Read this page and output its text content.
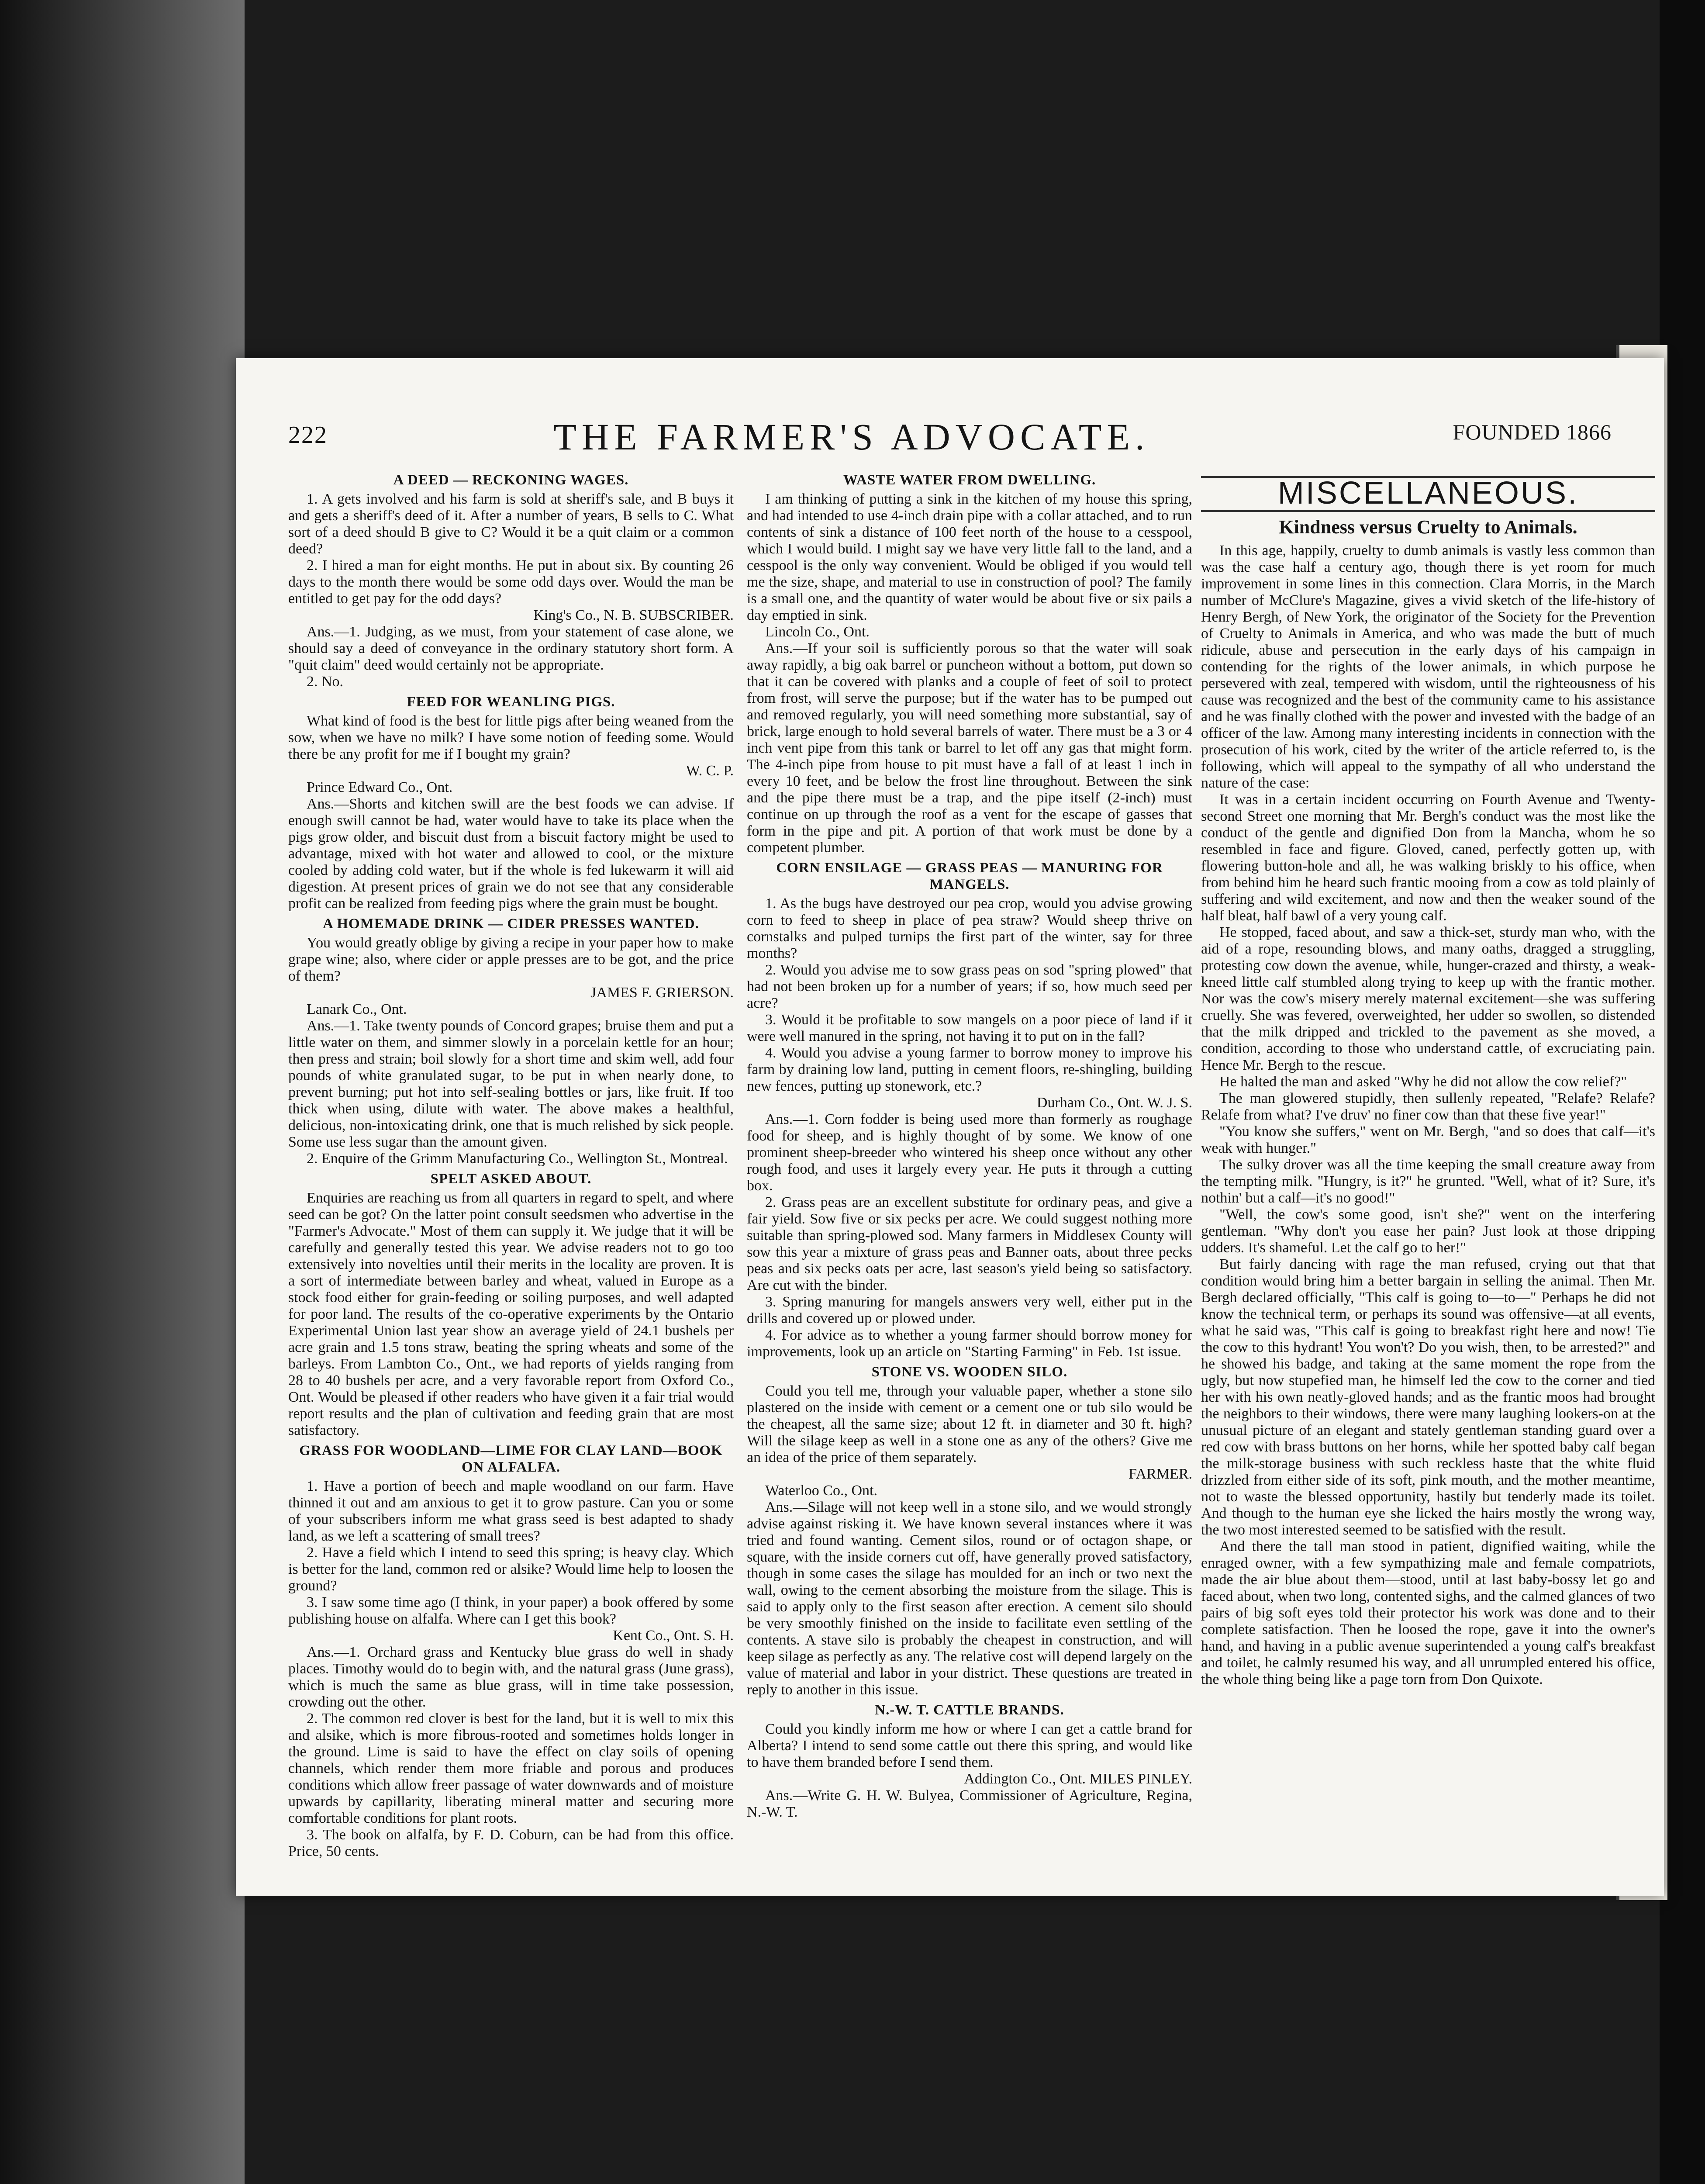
222	THE FARMER'S ADVOCATE.	FOUNDED 1866
A DEED — RECKONING WAGES.

1. A gets involved and his farm is sold at sheriff's sale, and B buys it and gets a sheriff's deed of it. After a number of years, B sells to C. What sort of a deed should B give to C? Would it be a quit claim or a common deed?

2. I hired a man for eight months. He put in about six. By counting 26 days to the month there would be some odd days over. Would the man be entitled to get pay for the odd days?

King's Co., N. B. SUBSCRIBER.

Ans.—1. Judging, as we must, from your statement of case alone, we should say a deed of conveyance in the ordinary statutory short form. A "quit claim" deed would certainly not be appropriate.

2. No.

FEED FOR WEANLING PIGS.

What kind of food is the best for little pigs after being weaned from the sow, when we have no milk? I have some notion of feeding some. Would there be any profit for me if I bought my grain?

W. C. P.

Prince Edward Co., Ont.

Ans.—Shorts and kitchen swill are the best foods we can advise. If enough swill cannot be had, water would have to take its place when the pigs grow older, and biscuit dust from a biscuit factory might be used to advantage, mixed with hot water and allowed to cool, or the mixture cooled by adding cold water, but if the whole is fed lukewarm it will aid digestion. At present prices of grain we do not see that any considerable profit can be realized from feeding pigs where the grain must be bought.

A HOMEMADE DRINK — CIDER PRESSES WANTED.

You would greatly oblige by giving a recipe in your paper how to make grape wine; also, where cider or apple presses are to be got, and the price of them?

JAMES F. GRIERSON.

Lanark Co., Ont.

Ans.—1. Take twenty pounds of Concord grapes; bruise them and put a little water on them, and simmer slowly in a porcelain kettle for an hour; then press and strain; boil slowly for a short time and skim well, add four pounds of white granulated sugar, to be put in when nearly done, to prevent burning; put hot into self-sealing bottles or jars, like fruit. If too thick when using, dilute with water. The above makes a healthful, delicious, non-intoxicating drink, one that is much relished by sick people. Some use less sugar than the amount given.

2. Enquire of the Grimm Manufacturing Co., Wellington St., Montreal.

SPELT ASKED ABOUT.

Enquiries are reaching us from all quarters in regard to spelt, and where seed can be got? On the latter point consult seedsmen who advertise in the "Farmer's Advocate." Most of them can supply it. We judge that it will be carefully and generally tested this year. We advise readers not to go too extensively into novelties until their merits in the locality are proven. It is a sort of intermediate between barley and wheat, valued in Europe as a stock food either for grain-feeding or soiling purposes, and well adapted for poor land. The results of the co-operative experiments by the Ontario Experimental Union last year show an average yield of 24.1 bushels per acre grain and 1.5 tons straw, beating the spring wheats and some of the barleys. From Lambton Co., Ont., we had reports of yields ranging from 28 to 40 bushels per acre, and a very favorable report from Oxford Co., Ont. Would be pleased if other readers who have given it a fair trial would report results and the plan of cultivation and feeding grain that are most satisfactory.

GRASS FOR WOODLAND—LIME FOR CLAY LAND—BOOK ON ALFALFA.

1. Have a portion of beech and maple woodland on our farm. Have thinned it out and am anxious to get it to grow pasture. Can you or some of your subscribers inform me what grass seed is best adapted to shady land, as we left a scattering of small trees?

2. Have a field which I intend to seed this spring; is heavy clay. Which is better for the land, common red or alsike? Would lime help to loosen the ground?

3. I saw some time ago (I think, in your paper) a book offered by some publishing house on alfalfa. Where can I get this book?

Kent Co., Ont. S. H.

Ans.—1. Orchard grass and Kentucky blue grass do well in shady places. Timothy would do to begin with, and the natural grass (June grass), which is much the same as blue grass, will in time take possession, crowding out the other.

2. The common red clover is best for the land, but it is well to mix this and alsike, which is more fibrous-rooted and sometimes holds longer in the ground. Lime is said to have the effect on clay soils of opening channels, which render them more friable and porous and produces conditions which allow freer passage of water downwards and of moisture upwards by capillarity, liberating mineral matter and securing more comfortable conditions for plant roots.

3. The book on alfalfa, by F. D. Coburn, can be had from this office. Price, 50 cents.

WASTE WATER FROM DWELLING.

I am thinking of putting a sink in the kitchen of my house this spring, and had intended to use 4-inch drain pipe with a collar attached, and to run contents of sink a distance of 100 feet north of the house to a cesspool, which I would build. I might say we have very little fall to the land, and a cesspool is the only way convenient. Would be obliged if you would tell me the size, shape, and material to use in construction of pool? The family is a small one, and the quantity of water would be about five or six pails a day emptied in sink.

Lincoln Co., Ont.

Ans.—If your soil is sufficiently porous so that the water will soak away rapidly, a big oak barrel or puncheon without a bottom, put down so that it can be covered with planks and a couple of feet of soil to protect from frost, will serve the purpose; but if the water has to be pumped out and removed regularly, you will need something more substantial, say of brick, large enough to hold several barrels of water. There must be a 3 or 4 inch vent pipe from this tank or barrel to let off any gas that might form. The 4-inch pipe from house to pit must have a fall of at least 1 inch in every 10 feet, and be below the frost line throughout. Between the sink and the pipe there must be a trap, and the pipe itself (2-inch) must continue on up through the roof as a vent for the escape of gasses that form in the pipe and pit. A portion of that work must be done by a competent plumber.

CORN ENSILAGE — GRASS PEAS — MANURING FOR MANGELS.

1. As the bugs have destroyed our pea crop, would you advise growing corn to feed to sheep in place of pea straw? Would sheep thrive on cornstalks and pulped turnips the first part of the winter, say for three months?

2. Would you advise me to sow grass peas on sod "spring plowed" that had not been broken up for a number of years; if so, how much seed per acre?

3. Would it be profitable to sow mangels on a poor piece of land if it were well manured in the spring, not having it to put on in the fall?

4. Would you advise a young farmer to borrow money to improve his farm by draining low land, putting in cement floors, re-shingling, building new fences, putting up stonework, etc.?

Durham Co., Ont. W. J. S.

Ans.—1. Corn fodder is being used more than formerly as roughage food for sheep, and is highly thought of by some. We know of one prominent sheep-breeder who wintered his sheep once without any other rough food, and uses it largely every year. He puts it through a cutting box.

2. Grass peas are an excellent substitute for ordinary peas, and give a fair yield. Sow five or six pecks per acre. We could suggest nothing more suitable than spring-plowed sod. Many farmers in Middlesex County will sow this year a mixture of grass peas and Banner oats, about three pecks peas and six pecks oats per acre, last season's yield being so satisfactory. Are cut with the binder.

3. Spring manuring for mangels answers very well, either put in the drills and covered up or plowed under.

4. For advice as to whether a young farmer should borrow money for improvements, look up an article on "Starting Farming" in Feb. 1st issue.

STONE VS. WOODEN SILO.

Could you tell me, through your valuable paper, whether a stone silo plastered on the inside with cement or a cement one or tub silo would be the cheapest, all the same size; about 12 ft. in diameter and 30 ft. high? Will the silage keep as well in a stone one as any of the others? Give me an idea of the price of them separately.

FARMER.

Waterloo Co., Ont.

Ans.—Silage will not keep well in a stone silo, and we would strongly advise against risking it. We have known several instances where it was tried and found wanting. Cement silos, round or of octagon shape, or square, with the inside corners cut off, have generally proved satisfactory, though in some cases the silage has moulded for an inch or two next the wall, owing to the cement absorbing the moisture from the silage. This is said to apply only to the first season after erection. A cement silo should be very smoothly finished on the inside to facilitate even settling of the contents. A stave silo is probably the cheapest in construction, and will keep silage as perfectly as any. The relative cost will depend largely on the value of material and labor in your district. These questions are treated in reply to another in this issue.

N.-W. T. CATTLE BRANDS.

Could you kindly inform me how or where I can get a cattle brand for Alberta? I intend to send some cattle out there this spring, and would like to have them branded before I send them.

Addington Co., Ont. MILES PINLEY.

Ans.—Write G. H. W. Bulyea, Commissioner of Agriculture, Regina, N.-W. T.

MISCELLANEOUS.
Kindness versus Cruelty to Animals.

In this age, happily, cruelty to dumb animals is vastly less common than was the case half a century ago, though there is yet room for much improvement in some lines in this connection. Clara Morris, in the March number of McClure's Magazine, gives a vivid sketch of the life-history of Henry Bergh, of New York, the originator of the Society for the Prevention of Cruelty to Animals in America, and who was made the butt of much ridicule, abuse and persecution in the early days of his campaign in contending for the rights of the lower animals, in which purpose he persevered with zeal, tempered with wisdom, until the righteousness of his cause was recognized and the best of the community came to his assistance and he was finally clothed with the power and invested with the badge of an officer of the law. Among many interesting incidents in connection with the prosecution of his work, cited by the writer of the article referred to, is the following, which will appeal to the sympathy of all who understand the nature of the case:

It was in a certain incident occurring on Fourth Avenue and Twenty-second Street one morning that Mr. Bergh's conduct was the most like the conduct of the gentle and dignified Don from la Mancha, whom he so resembled in face and figure. Gloved, caned, perfectly gotten up, with flowering button-hole and all, he was walking briskly to his office, when from behind him he heard such frantic mooing from a cow as told plainly of suffering and wild excitement, and now and then the weaker sound of the half bleat, half bawl of a very young calf.

He stopped, faced about, and saw a thick-set, sturdy man who, with the aid of a rope, resounding blows, and many oaths, dragged a struggling, protesting cow down the avenue, while, hunger-crazed and thirsty, a weak-kneed little calf stumbled along trying to keep up with the frantic mother. Nor was the cow's misery merely maternal excitement—she was suffering cruelly. She was fevered, overweighted, her udder so swollen, so distended that the milk dripped and trickled to the pavement as she moved, a condition, according to those who understand cattle, of excruciating pain. Hence Mr. Bergh to the rescue.

He halted the man and asked "Why he did not allow the cow relief?"

The man glowered stupidly, then sullenly repeated, "Relafe? Relafe? Relafe from what? I've druv' no finer cow than that these five year!"

"You know she suffers," went on Mr. Bergh, "and so does that calf—it's weak with hunger."

The sulky drover was all the time keeping the small creature away from the tempting milk. "Hungry, is it?" he grunted. "Well, what of it? Sure, it's nothin' but a calf—it's no good!"

"Well, the cow's some good, isn't she?" went on the interfering gentleman. "Why don't you ease her pain? Just look at those dripping udders. It's shameful. Let the calf go to her!"

But fairly dancing with rage the man refused, crying out that that condition would bring him a better bargain in selling the animal. Then Mr. Bergh declared officially, "This calf is going to—to—" Perhaps he did not know the technical term, or perhaps its sound was offensive—at all events, what he said was, "This calf is going to breakfast right here and now! Tie the cow to this hydrant! You won't? Do you wish, then, to be arrested?" and he showed his badge, and taking at the same moment the rope from the ugly, but now stupefied man, he himself led the cow to the corner and tied her with his own neatly-gloved hands; and as the frantic moos had brought the neighbors to their windows, there were many laughing lookers-on at the unusual picture of an elegant and stately gentleman standing guard over a red cow with brass buttons on her horns, while her spotted baby calf began the milk-storage business with such reckless haste that the white fluid drizzled from either side of its soft, pink mouth, and the mother meantime, not to waste the blessed opportunity, hastily but tenderly made its toilet. And though to the human eye she licked the hairs mostly the wrong way, the two most interested seemed to be satisfied with the result.

And there the tall man stood in patient, dignified waiting, while the enraged owner, with a few sympathizing male and female compatriots, made the air blue about them—stood, until at last baby-bossy let go and faced about, when two long, contented sighs, and the calmed glances of two pairs of big soft eyes told their protector his work was done and to their complete satisfaction. Then he loosed the rope, gave it into the owner's hand, and having in a public avenue superintended a young calf's breakfast and toilet, he calmly resumed his way, and all unrumpled entered his office, the whole thing being like a page torn from Don Quixote.
